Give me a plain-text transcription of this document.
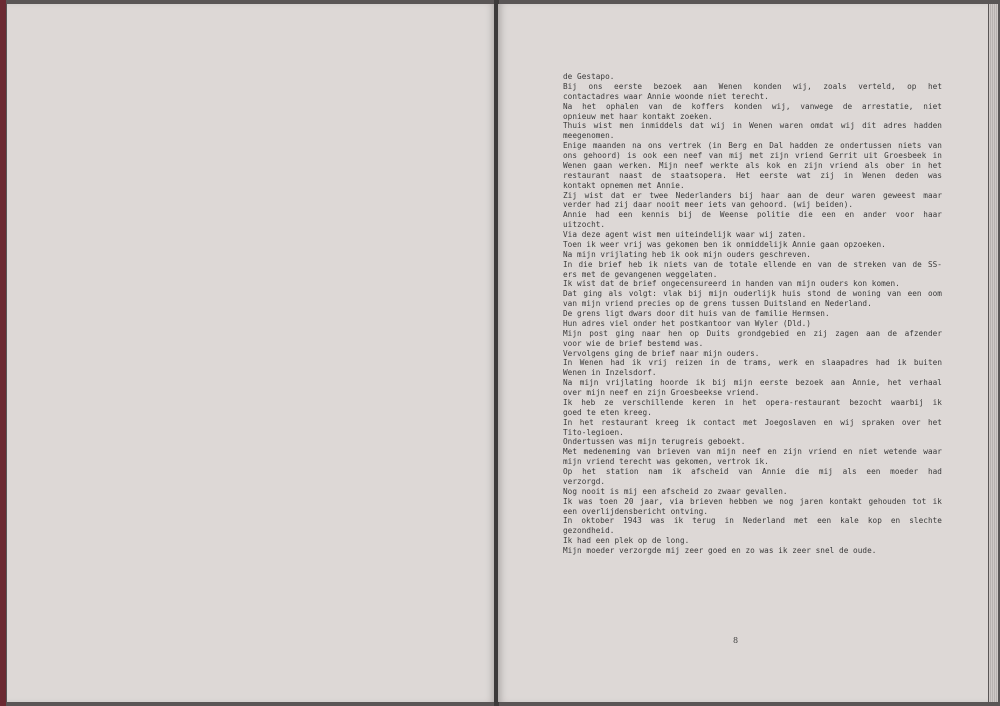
de Gestapo.
Bij ons eerste bezoek aan Wenen konden wij, zoals verteld, op het
contactadres waar Annie woonde niet terecht.
Na het ophalen van de koffers konden wij, vanwege de arrestatie, niet
opnieuw met haar kontakt zoeken.
Thuis wist men inmiddels dat wij in Wenen waren omdat wij dit adres hadden
meegenomen.
Enige maanden na ons vertrek (in Berg en Dal hadden ze ondertussen niets van
ons gehoord) is ook een neef van mij met zijn vriend Gerrit uit Groesbeek in
Wenen gaan werken. Mijn neef werkte als kok en zijn vriend als ober in het
restaurant naast de staatsopera. Het eerste wat zij in Wenen deden was
kontakt opnemen met Annie.
Zij wist dat er twee Nederlanders bij haar aan de deur waren geweest maar
verder had zij daar nooit meer iets van gehoord. (wij beiden).
Annie had een kennis bij de Weense politie die een en ander voor haar
uitzocht.
Via deze agent wist men uiteindelijk waar wij zaten.
Toen ik weer vrij was gekomen ben ik onmiddelijk Annie gaan opzoeken.
Na mijn vrijlating heb ik ook mijn ouders geschreven.
In die brief heb ik niets van de totale ellende en van de streken van de SS-
ers met de gevangenen weggelaten.
Ik wist dat de brief ongecensureerd in handen van mijn ouders kon komen.
Dat ging als volgt: vlak bij mijn ouderlijk huis stond de woning van een oom
van mijn vriend precies op de grens tussen Duitsland en Nederland.
De grens ligt dwars door dit huis van de familie Hermsen.
Hun adres viel onder het postkantoor van Wyler (Dld.)
Mijn post ging naar hen op Duits grondgebied en zij zagen aan de afzender
voor wie de brief bestemd was.
Vervolgens ging de brief naar mijn ouders.
In Wenen had ik vrij reizen in de trams, werk en slaapadres had ik buiten
Wenen in Inzelsdorf.
Na mijn vrijlating hoorde ik bij mijn eerste bezoek aan Annie, het verhaal
over mijn neef en zijn Groesbeekse vriend.
Ik heb ze verschillende keren in het opera-restaurant bezocht waarbij ik
goed te eten kreeg.
In het restaurant kreeg ik contact met Joegoslaven en wij spraken over het
Tito-legioen.
Ondertussen was mijn terugreis geboekt.
Met medeneming van brieven van mijn neef en zijn vriend en niet wetende waar
mijn vriend terecht was gekomen, vertrok ik.
Op het station nam ik afscheid van Annie die mij als een moeder had
verzorgd.
Nog nooit is mij een afscheid zo zwaar gevallen.
Ik was toen 20 jaar, via brieven hebben we nog jaren kontakt gehouden tot ik
een overlijdensbericht ontving.
In oktober 1943 was ik terug in Nederland met een kale kop en slechte
gezondheid.
Ik had een plek op de long.
Mijn moeder verzorgde mij zeer goed en zo was ik zeer snel de oude.
8
